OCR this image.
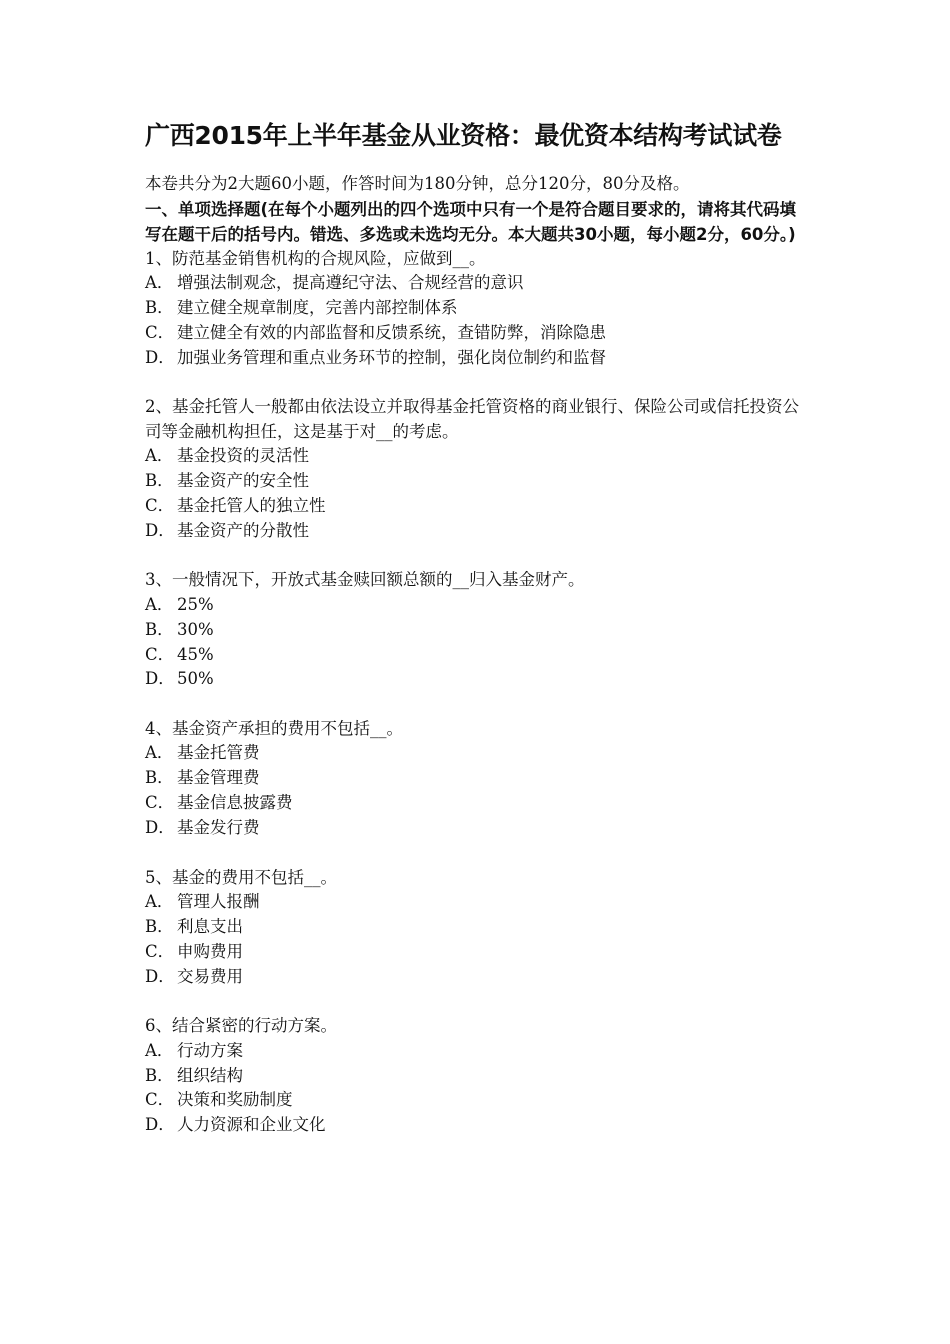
广西2015年上半年基金从业资格：最优资本结构考试试卷

本卷共分为2大题60小题，作答时间为180分钟，总分120分，80分及格。

一、单项选择题(在每个小题列出的四个选项中只有一个是符合题目要求的，请将其代码填写在题干后的括号内。错选、多选或未选均无分。本大题共30小题，每小题2分，60分。)

1、防范基金销售机构的合规风险，应做到__。

A． 增强法制观念，提高遵纪守法、合规经营的意识

B． 建立健全规章制度，完善内部控制体系

C． 建立健全有效的内部监督和反馈系统，查错防弊，消除隐患

D． 加强业务管理和重点业务环节的控制，强化岗位制约和监督

2、基金托管人一般都由依法设立并取得基金托管资格的商业银行、保险公司或信托投资公司等金融机构担任，这是基于对__的考虑。

A． 基金投资的灵活性

B． 基金资产的安全性

C． 基金托管人的独立性

D． 基金资产的分散性

3、一般情况下，开放式基金赎回额总额的__归入基金财产。

A． 25%

B． 30%

C． 45%

D． 50%

4、基金资产承担的费用不包括__。

A． 基金托管费

B． 基金管理费

C． 基金信息披露费

D． 基金发行费

5、基金的费用不包括__。

A． 管理人报酬

B． 利息支出

C． 申购费用

D． 交易费用

6、结合紧密的行动方案。

A． 行动方案

B． 组织结构

C． 决策和奖励制度

D． 人力资源和企业文化
